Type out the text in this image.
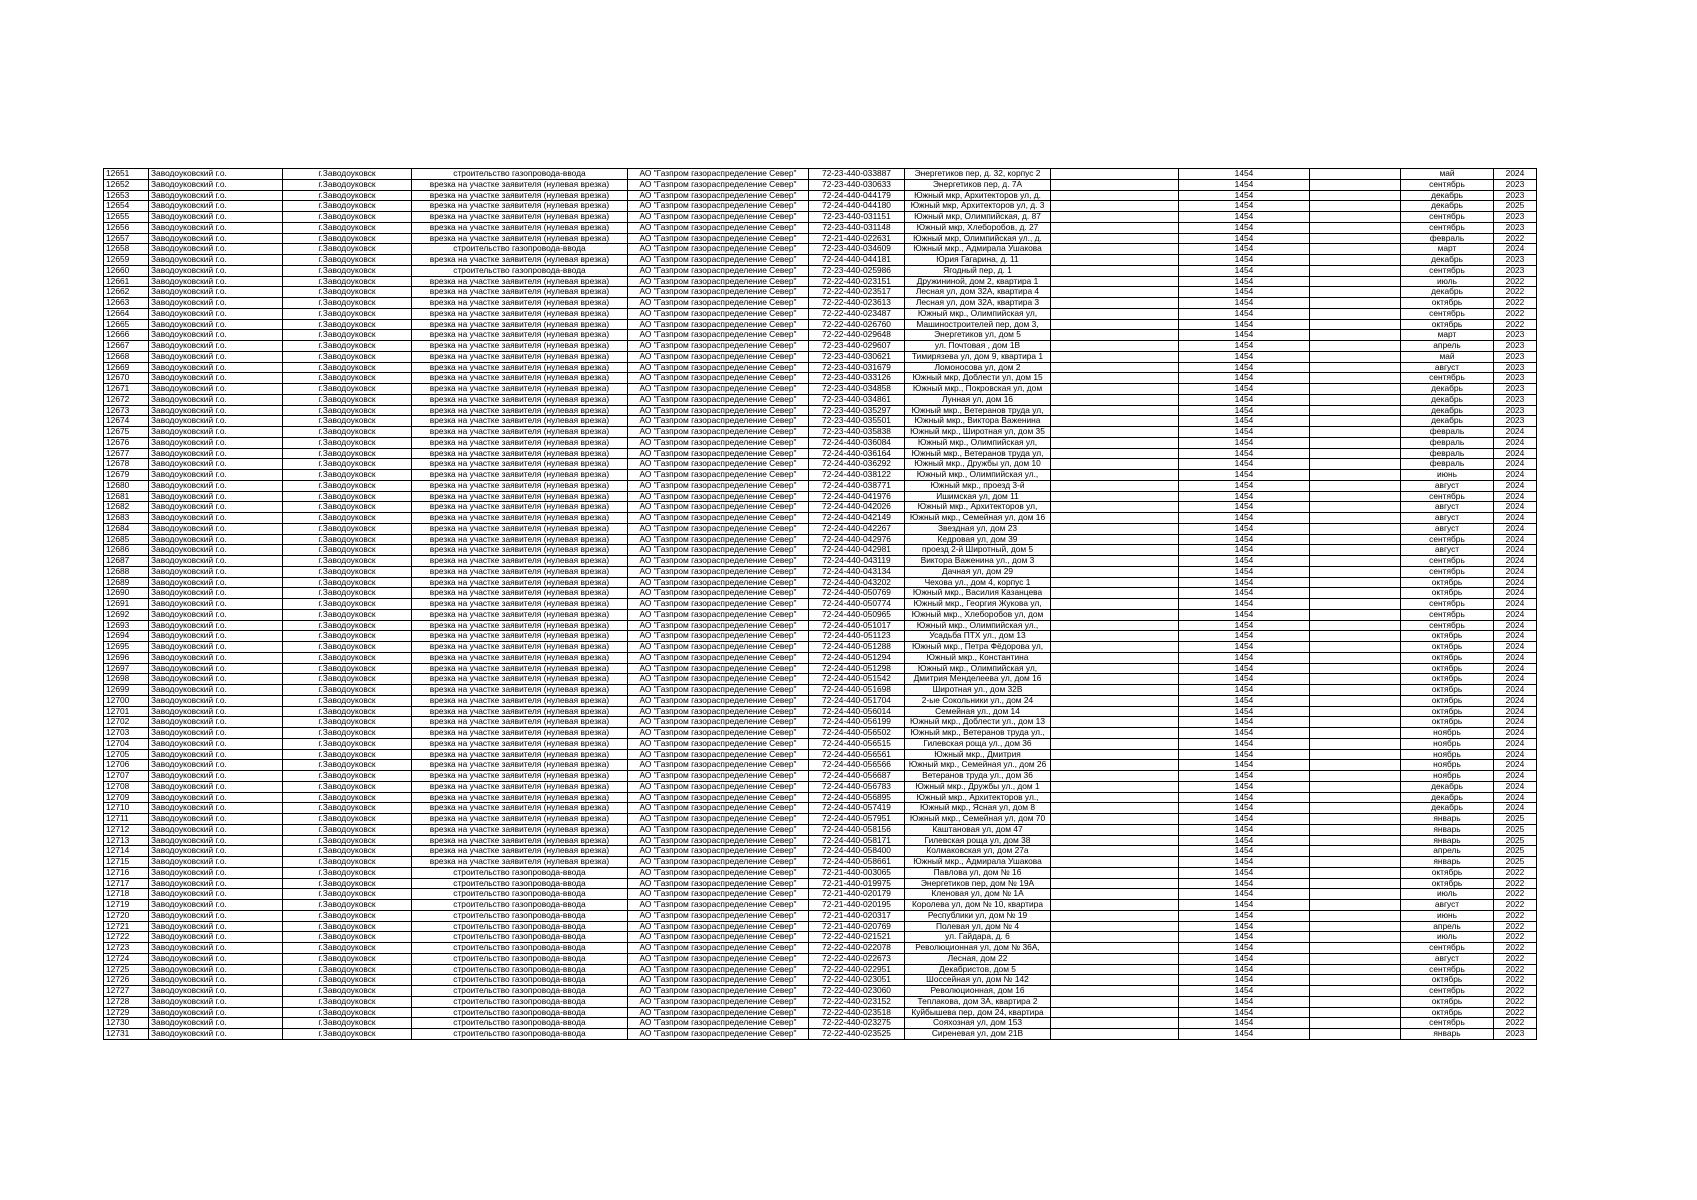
12651	Заводоуковский г.о.	г.Заводоуковск	строительство газопровода-ввода	АО "Газпром газораспределение Север"	72-23-440-033887	Энергетиков пер, д. 32, корпус 2		1454		май	2024
12652	Заводоуковский г.о.	г.Заводоуковск	врезка на участке заявителя (нулевая врезка)	АО "Газпром газораспределение Север"	72-23-440-030633	Энергетиков пер, д. 7А		1454		сентябрь	2023
12653	Заводоуковский г.о.	г.Заводоуковск	врезка на участке заявителя (нулевая врезка)	АО "Газпром газораспределение Север"	72-24-440-044179	Южный мкр, Архитекторов ул, д.		1454		декабрь	2023
12654	Заводоуковский г.о.	г.Заводоуковск	врезка на участке заявителя (нулевая врезка)	АО "Газпром газораспределение Север"	72-24-440-044180	Южный мкр, Архитекторов ул, д. 3		1454		декабрь	2025
12655	Заводоуковский г.о.	г.Заводоуковск	врезка на участке заявителя (нулевая врезка)	АО "Газпром газораспределение Север"	72-23-440-031151	Южный мкр, Олимпийская, д. 87		1454		сентябрь	2023
12656	Заводоуковский г.о.	г.Заводоуковск	врезка на участке заявителя (нулевая врезка)	АО "Газпром газораспределение Север"	72-23-440-031148	Южный мкр, Хлеборобов, д. 27		1454		сентябрь	2023
12657	Заводоуковский г.о.	г.Заводоуковск	врезка на участке заявителя (нулевая врезка)	АО "Газпром газораспределение Север"	72-21-440-022631	Южный мкр, Олимпийская ул., д.		1454		февраль	2022
12658	Заводоуковский г.о.	г.Заводоуковск	строительство газопровода-ввода	АО "Газпром газораспределение Север"	72-23-440-034609	Южный мкр., Адмирала Ушакова		1454		март	2024
12659	Заводоуковский г.о.	г.Заводоуковск	врезка на участке заявителя (нулевая врезка)	АО "Газпром газораспределение Север"	72-24-440-044181	Юрия Гагарина, д. 11		1454		декабрь	2023
12660	Заводоуковский г.о.	г.Заводоуковск	строительство газопровода-ввода	АО "Газпром газораспределение Север"	72-23-440-025986	Ягодный пер, д. 1		1454		сентябрь	2023
12661	Заводоуковский г.о.	г.Заводоуковск	врезка на участке заявителя (нулевая врезка)	АО "Газпром газораспределение Север"	72-22-440-023151	Дружининой, дом 2, квартира 1		1454		июль	2022
12662	Заводоуковский г.о.	г.Заводоуковск	врезка на участке заявителя (нулевая врезка)	АО "Газпром газораспределение Север"	72-22-440-023517	Лесная ул, дом 32А, квартира 4		1454		декабрь	2022
12663	Заводоуковский г.о.	г.Заводоуковск	врезка на участке заявителя (нулевая врезка)	АО "Газпром газораспределение Север"	72-22-440-023613	Лесная ул, дом 32А, квартира 3		1454		октябрь	2022
12664	Заводоуковский г.о.	г.Заводоуковск	врезка на участке заявителя (нулевая врезка)	АО "Газпром газораспределение Север"	72-22-440-023487	Южный мкр., Олимпийская ул,		1454		сентябрь	2022
12665	Заводоуковский г.о.	г.Заводоуковск	врезка на участке заявителя (нулевая врезка)	АО "Газпром газораспределение Север"	72-22-440-026760	Машиностроителей пер, дом 3,		1454		октябрь	2022
12666	Заводоуковский г.о.	г.Заводоуковск	врезка на участке заявителя (нулевая врезка)	АО "Газпром газораспределение Север"	72-22-440-029648	Энергетиков ул, дом 5		1454		март	2023
12667	Заводоуковский г.о.	г.Заводоуковск	врезка на участке заявителя (нулевая врезка)	АО "Газпром газораспределение Север"	72-23-440-029607	ул. Почтовая , дом 1В		1454		апрель	2023
12668	Заводоуковский г.о.	г.Заводоуковск	врезка на участке заявителя (нулевая врезка)	АО "Газпром газораспределение Север"	72-23-440-030621	Тимирязева ул, дом 9, квартира 1		1454		май	2023
12669	Заводоуковский г.о.	г.Заводоуковск	врезка на участке заявителя (нулевая врезка)	АО "Газпром газораспределение Север"	72-23-440-031679	Ломоносова ул, дом 2		1454		август	2023
12670	Заводоуковский г.о.	г.Заводоуковск	врезка на участке заявителя (нулевая врезка)	АО "Газпром газораспределение Север"	72-23-440-033126	Южный мкр, Доблести ул, дом 15		1454		сентябрь	2023
12671	Заводоуковский г.о.	г.Заводоуковск	врезка на участке заявителя (нулевая врезка)	АО "Газпром газораспределение Север"	72-23-440-034858	Южный мкр., Покровская ул, дом		1454		декабрь	2023
12672	Заводоуковский г.о.	г.Заводоуковск	врезка на участке заявителя (нулевая врезка)	АО "Газпром газораспределение Север"	72-23-440-034861	Лунная ул, дом 16		1454		декабрь	2023
12673	Заводоуковский г.о.	г.Заводоуковск	врезка на участке заявителя (нулевая врезка)	АО "Газпром газораспределение Север"	72-23-440-035297	Южный мкр., Ветеранов труда ул,		1454		декабрь	2023
12674	Заводоуковский г.о.	г.Заводоуковск	врезка на участке заявителя (нулевая врезка)	АО "Газпром газораспределение Север"	72-23-440-035501	Южный мкр., Виктора Важенина		1454		декабрь	2023
12675	Заводоуковский г.о.	г.Заводоуковск	врезка на участке заявителя (нулевая врезка)	АО "Газпром газораспределение Север"	72-23-440-035838	Южный мкр., Широтная ул, дом 35		1454		февраль	2024
12676	Заводоуковский г.о.	г.Заводоуковск	врезка на участке заявителя (нулевая врезка)	АО "Газпром газораспределение Север"	72-24-440-036084	Южный мкр., Олимпийская ул,		1454		февраль	2024
12677	Заводоуковский г.о.	г.Заводоуковск	врезка на участке заявителя (нулевая врезка)	АО "Газпром газораспределение Север"	72-24-440-036164	Южный мкр., Ветеранов труда ул,		1454		февраль	2024
12678	Заводоуковский г.о.	г.Заводоуковск	врезка на участке заявителя (нулевая врезка)	АО "Газпром газораспределение Север"	72-24-440-036292	Южный мкр., Дружбы ул, дом 10		1454		февраль	2024
12679	Заводоуковский г.о.	г.Заводоуковск	врезка на участке заявителя (нулевая врезка)	АО "Газпром газораспределение Север"	72-24-440-038122	Южный мкр., Олимпийская ул.,		1454		июнь	2024
12680	Заводоуковский г.о.	г.Заводоуковск	врезка на участке заявителя (нулевая врезка)	АО "Газпром газораспределение Север"	72-24-440-038771	Южный мкр., проезд 3-й		1454		август	2024
12681	Заводоуковский г.о.	г.Заводоуковск	врезка на участке заявителя (нулевая врезка)	АО "Газпром газораспределение Север"	72-24-440-041976	Ишимская ул, дом 11		1454		сентябрь	2024
12682	Заводоуковский г.о.	г.Заводоуковск	врезка на участке заявителя (нулевая врезка)	АО "Газпром газораспределение Север"	72-24-440-042026	Южный мкр., Архитекторов ул,		1454		август	2024
12683	Заводоуковский г.о.	г.Заводоуковск	врезка на участке заявителя (нулевая врезка)	АО "Газпром газораспределение Север"	72-24-440-042149	Южный мкр., Семейная ул, дом 16		1454		август	2024
12684	Заводоуковский г.о.	г.Заводоуковск	врезка на участке заявителя (нулевая врезка)	АО "Газпром газораспределение Север"	72-24-440-042267	Звездная ул, дом 23		1454		август	2024
12685	Заводоуковский г.о.	г.Заводоуковск	врезка на участке заявителя (нулевая врезка)	АО "Газпром газораспределение Север"	72-24-440-042976	Кедровая ул, дом 39		1454		сентябрь	2024
12686	Заводоуковский г.о.	г.Заводоуковск	врезка на участке заявителя (нулевая врезка)	АО "Газпром газораспределение Север"	72-24-440-042981	проезд 2-й Широтный, дом 5		1454		август	2024
12687	Заводоуковский г.о.	г.Заводоуковск	врезка на участке заявителя (нулевая врезка)	АО "Газпром газораспределение Север"	72-24-440-043119	Виктора Важенина ул., дом 3		1454		сентябрь	2024
12688	Заводоуковский г.о.	г.Заводоуковск	врезка на участке заявителя (нулевая врезка)	АО "Газпром газораспределение Север"	72-24-440-043134	Дачная ул, дом 29		1454		сентябрь	2024
12689	Заводоуковский г.о.	г.Заводоуковск	врезка на участке заявителя (нулевая врезка)	АО "Газпром газораспределение Север"	72-24-440-043202	Чехова ул., дом 4, корпус 1		1454		октябрь	2024
12690	Заводоуковский г.о.	г.Заводоуковск	врезка на участке заявителя (нулевая врезка)	АО "Газпром газораспределение Север"	72-24-440-050769	Южный мкр., Василия Казанцева		1454		октябрь	2024
12691	Заводоуковский г.о.	г.Заводоуковск	врезка на участке заявителя (нулевая врезка)	АО "Газпром газораспределение Север"	72-24-440-050774	Южный мкр., Георгия Жукова ул,		1454		сентябрь	2024
12692	Заводоуковский г.о.	г.Заводоуковск	врезка на участке заявителя (нулевая врезка)	АО "Газпром газораспределение Север"	72-24-440-050965	Южный мкр., Хлеборобов ул, дом		1454		сентябрь	2024
12693	Заводоуковский г.о.	г.Заводоуковск	врезка на участке заявителя (нулевая врезка)	АО "Газпром газораспределение Север"	72-24-440-051017	Южный мкр., Олимпийская ул.,		1454		сентябрь	2024
12694	Заводоуковский г.о.	г.Заводоуковск	врезка на участке заявителя (нулевая врезка)	АО "Газпром газораспределение Север"	72-24-440-051123	Усадьба ПТХ ул., дом 13		1454		октябрь	2024
12695	Заводоуковский г.о.	г.Заводоуковск	врезка на участке заявителя (нулевая врезка)	АО "Газпром газораспределение Север"	72-24-440-051288	Южный мкр., Петра Фёдорова ул,		1454		октябрь	2024
12696	Заводоуковский г.о.	г.Заводоуковск	врезка на участке заявителя (нулевая врезка)	АО "Газпром газораспределение Север"	72-24-440-051294	Южный мкр., Константина		1454		октябрь	2024
12697	Заводоуковский г.о.	г.Заводоуковск	врезка на участке заявителя (нулевая врезка)	АО "Газпром газораспределение Север"	72-24-440-051298	Южный мкр., Олимпийская ул,		1454		октябрь	2024
12698	Заводоуковский г.о.	г.Заводоуковск	врезка на участке заявителя (нулевая врезка)	АО "Газпром газораспределение Север"	72-24-440-051542	Дмитрия Менделеева ул, дом 16		1454		октябрь	2024
12699	Заводоуковский г.о.	г.Заводоуковск	врезка на участке заявителя (нулевая врезка)	АО "Газпром газораспределение Север"	72-24-440-051698	Широтная ул., дом 32В		1454		октябрь	2024
12700	Заводоуковский г.о.	г.Заводоуковск	врезка на участке заявителя (нулевая врезка)	АО "Газпром газораспределение Север"	72-24-440-051704	2-ые Сокольники ул., дом 24		1454		октябрь	2024
12701	Заводоуковский г.о.	г.Заводоуковск	врезка на участке заявителя (нулевая врезка)	АО "Газпром газораспределение Север"	72-24-440-056014	Семейная ул., дом 14		1454		октябрь	2024
12702	Заводоуковский г.о.	г.Заводоуковск	врезка на участке заявителя (нулевая врезка)	АО "Газпром газораспределение Север"	72-24-440-056199	Южный мкр., Доблести ул., дом 13		1454		октябрь	2024
12703	Заводоуковский г.о.	г.Заводоуковск	врезка на участке заявителя (нулевая врезка)	АО "Газпром газораспределение Север"	72-24-440-056502	Южный мкр., Ветеранов труда ул.,		1454		ноябрь	2024
12704	Заводоуковский г.о.	г.Заводоуковск	врезка на участке заявителя (нулевая врезка)	АО "Газпром газораспределение Север"	72-24-440-056515	Гилевская роща ул., дом 36		1454		ноябрь	2024
12705	Заводоуковский г.о.	г.Заводоуковск	врезка на участке заявителя (нулевая врезка)	АО "Газпром газораспределение Север"	72-24-440-056561	Южный мкр., Дмитрия		1454		ноябрь	2024
12706	Заводоуковский г.о.	г.Заводоуковск	врезка на участке заявителя (нулевая врезка)	АО "Газпром газораспределение Север"	72-24-440-056566	Южный мкр., Семейная ул., дом 26		1454		ноябрь	2024
12707	Заводоуковский г.о.	г.Заводоуковск	врезка на участке заявителя (нулевая врезка)	АО "Газпром газораспределение Север"	72-24-440-056687	Ветеранов труда ул., дом 36		1454		ноябрь	2024
12708	Заводоуковский г.о.	г.Заводоуковск	врезка на участке заявителя (нулевая врезка)	АО "Газпром газораспределение Север"	72-24-440-056783	Южный мкр., Дружбы ул., дом 1		1454		декабрь	2024
12709	Заводоуковский г.о.	г.Заводоуковск	врезка на участке заявителя (нулевая врезка)	АО "Газпром газораспределение Север"	72-24-440-056895	Южный мкр., Архитекторов ул.,		1454		декабрь	2024
12710	Заводоуковский г.о.	г.Заводоуковск	врезка на участке заявителя (нулевая врезка)	АО "Газпром газораспределение Север"	72-24-440-057419	Южный мкр., Ясная ул, дом 8		1454		декабрь	2024
12711	Заводоуковский г.о.	г.Заводоуковск	врезка на участке заявителя (нулевая врезка)	АО "Газпром газораспределение Север"	72-24-440-057951	Южный мкр., Семейная ул, дом 70		1454		январь	2025
12712	Заводоуковский г.о.	г.Заводоуковск	врезка на участке заявителя (нулевая врезка)	АО "Газпром газораспределение Север"	72-24-440-058156	Каштановая ул, дом 47		1454		январь	2025
12713	Заводоуковский г.о.	г.Заводоуковск	врезка на участке заявителя (нулевая врезка)	АО "Газпром газораспределение Север"	72-24-440-058171	Гилевская роща ул, дом 38		1454		январь	2025
12714	Заводоуковский г.о.	г.Заводоуковск	врезка на участке заявителя (нулевая врезка)	АО "Газпром газораспределение Север"	72-24-440-058400	Колмаковская ул, дом 27а		1454		апрель	2025
12715	Заводоуковский г.о.	г.Заводоуковск	врезка на участке заявителя (нулевая врезка)	АО "Газпром газораспределение Север"	72-24-440-058661	Южный мкр., Адмирала Ушакова		1454		январь	2025
12716	Заводоуковский г.о.	г.Заводоуковск	строительство газопровода-ввода	АО "Газпром газораспределение Север"	72-21-440-003065	Павлова ул, дом № 16		1454		октябрь	2022
12717	Заводоуковский г.о.	г.Заводоуковск	строительство газопровода-ввода	АО "Газпром газораспределение Север"	72-21-440-019975	Энергетиков пер, дом № 19А		1454		октябрь	2022
12718	Заводоуковский г.о.	г.Заводоуковск	строительство газопровода-ввода	АО "Газпром газораспределение Север"	72-21-440-020179	Кленовая ул, дом № 1А		1454		июль	2022
12719	Заводоуковский г.о.	г.Заводоуковск	строительство газопровода-ввода	АО "Газпром газораспределение Север"	72-21-440-020195	Королева ул, дом № 10, квартира		1454		август	2022
12720	Заводоуковский г.о.	г.Заводоуковск	строительство газопровода-ввода	АО "Газпром газораспределение Север"	72-21-440-020317	Республики ул, дом № 19		1454		июнь	2022
12721	Заводоуковский г.о.	г.Заводоуковск	строительство газопровода-ввода	АО "Газпром газораспределение Север"	72-21-440-020769	Полевая ул, дом № 4		1454		апрель	2022
12722	Заводоуковский г.о.	г.Заводоуковск	строительство газопровода-ввода	АО "Газпром газораспределение Север"	72-22-440-021521	ул. Гайдара, д. 6		1454		июль	2022
12723	Заводоуковский г.о.	г.Заводоуковск	строительство газопровода-ввода	АО "Газпром газораспределение Север"	72-22-440-022078	Революционная ул, дом № 36А,		1454		сентябрь	2022
12724	Заводоуковский г.о.	г.Заводоуковск	строительство газопровода-ввода	АО "Газпром газораспределение Север"	72-22-440-022673	Лесная, дом 22		1454		август	2022
12725	Заводоуковский г.о.	г.Заводоуковск	строительство газопровода-ввода	АО "Газпром газораспределение Север"	72-22-440-022951	Декабристов, дом 5		1454		сентябрь	2022
12726	Заводоуковский г.о.	г.Заводоуковск	строительство газопровода-ввода	АО "Газпром газораспределение Север"	72-22-440-023051	Шоссейная ул, дом № 142		1454		октябрь	2022
12727	Заводоуковский г.о.	г.Заводоуковск	строительство газопровода-ввода	АО "Газпром газораспределение Север"	72-22-440-023060	Революционная, дом 16		1454		сентябрь	2022
12728	Заводоуковский г.о.	г.Заводоуковск	строительство газопровода-ввода	АО "Газпром газораспределение Север"	72-22-440-023152	Теплакова, дом 3А, квартира 2		1454		октябрь	2022
12729	Заводоуковский г.о.	г.Заводоуковск	строительство газопровода-ввода	АО "Газпром газораспределение Север"	72-22-440-023518	Куйбышева пер, дом 24, квартира		1454		октябрь	2022
12730	Заводоуковский г.о.	г.Заводоуковск	строительство газопровода-ввода	АО "Газпром газораспределение Север"	72-22-440-023275	Сояхозная ул, дом 153		1454		сентябрь	2022
12731	Заводоуковский г.о.	г.Заводоуковск	строительство газопровода-ввода	АО "Газпром газораспределение Север"	72-22-440-023525	Сиреневая ул, дом 21В		1454		январь	2023
